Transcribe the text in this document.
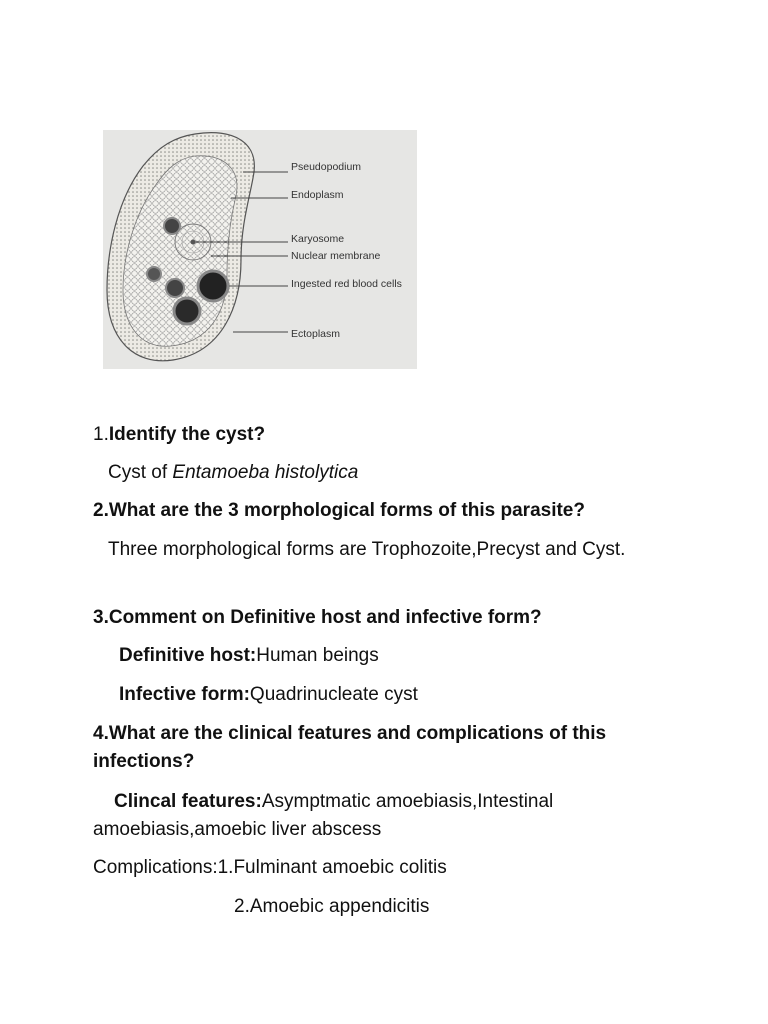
Pseudopodium
Endoplasm
Karyosome
Nuclear membrane
Ingested red blood cells
Ectoplasm
1.Identify the cyst?
Cyst of Entamoeba histolytica
2.What are the 3 morphological forms of this parasite?
Three morphological forms are Trophozoite,Precyst and Cyst.
3.Comment on Definitive host and infective form?
Definitive host:Human beings
Infective form:Quadrinucleate cyst
4.What are the clinical features and complications of this infections?
Clincal features:Asymptmatic amoebiasis,Intestinal amoebiasis,amoebic liver abscess
Complications:1.Fulminant amoebic colitis
2.Amoebic appendicitis
